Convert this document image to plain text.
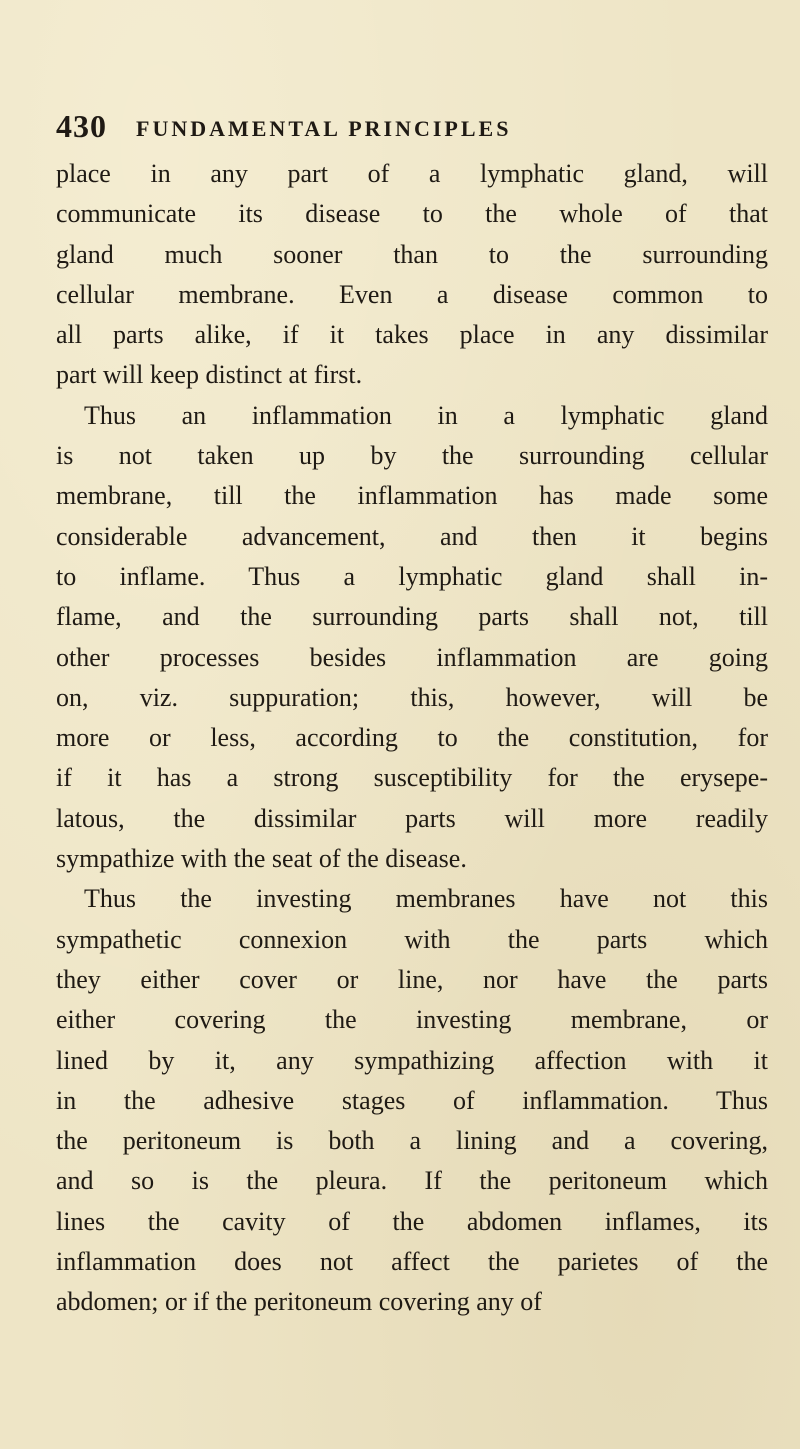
430 FUNDAMENTAL PRINCIPLES
place in any part of a lymphatic gland, will
communicate its disease to the whole of that
gland much sooner than to the surrounding
cellular membrane. Even a disease common to
all parts alike, if it takes place in any dissimilar
part will keep distinct at first.
Thus an inflammation in a lymphatic gland
is not taken up by the surrounding cellular
membrane, till the inflammation has made some
considerable advancement, and then it begins
to inflame. Thus a lymphatic gland shall in-
flame, and the surrounding parts shall not, till
other processes besides inflammation are going
on, viz. suppuration; this, however, will be
more or less, according to the constitution, for
if it has a strong susceptibility for the erysepe-
latous, the dissimilar parts will more readily
sympathize with the seat of the disease.
Thus the investing membranes have not this
sympathetic connexion with the parts which
they either cover or line, nor have the parts
either covering the investing membrane, or
lined by it, any sympathizing affection with it
in the adhesive stages of inflammation. Thus
the peritoneum is both a lining and a covering,
and so is the pleura. If the peritoneum which
lines the cavity of the abdomen inflames, its
inflammation does not affect the parietes of the
abdomen; or if the peritoneum covering any of
